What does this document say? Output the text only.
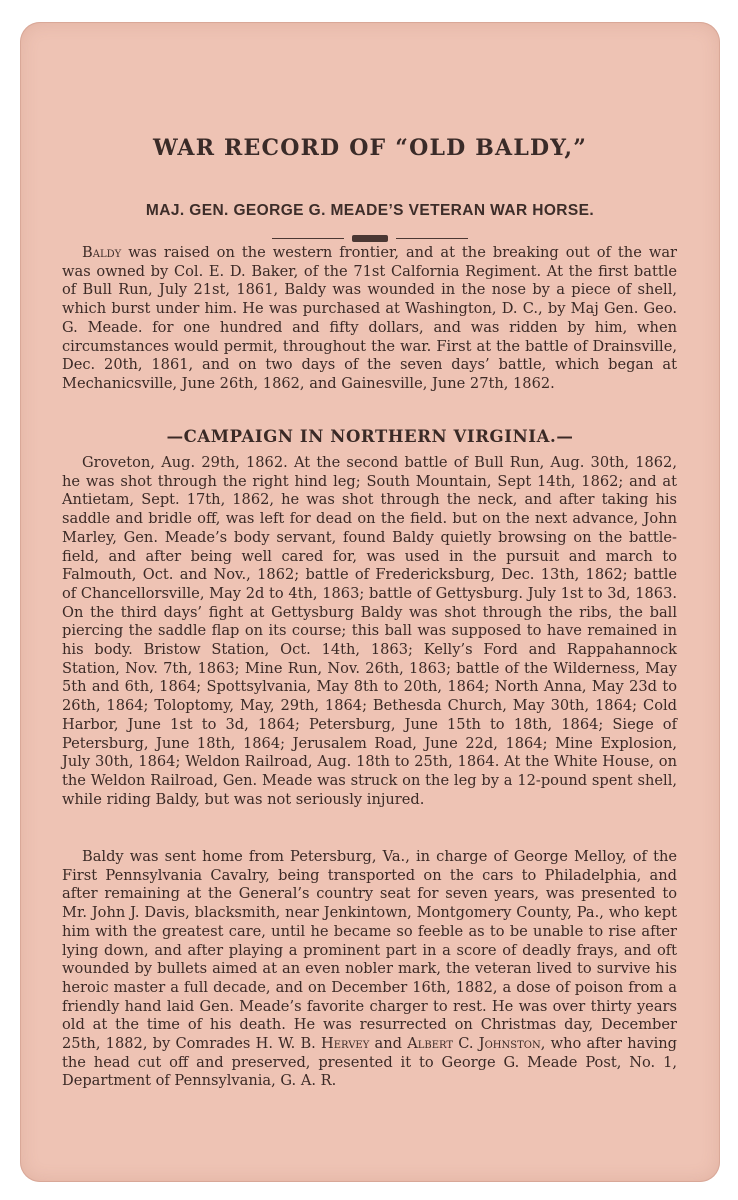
WAR RECORD OF “OLD BALDY,”
MAJ. GEN. GEORGE G. MEADE’S VETERAN WAR HORSE.

Baldy was raised on the western frontier, and at the breaking out of the war was owned by Col. E. D. Baker, of the 71st Calfornia Regiment. At the first battle of Bull Run, July 21st, 1861, Baldy was wounded in the nose by a piece of shell, which burst under him. He was purchased at Washington, D. C., by Maj Gen. Geo. G. Meade. for one hundred and fifty dollars, and was ridden by him, when circumstances would permit, throughout the war. First at the battle of Drainsville, Dec. 20th, 1861, and on two days of the seven days’ battle, which began at Mechanicsville, June 26th, 1862, and Gainesville, June 27th, 1862.

—CAMPAIGN IN NORTHERN VIRGINIA.—

Groveton, Aug. 29th, 1862. At the second battle of Bull Run, Aug. 30th, 1862, he was shot through the right hind leg; South Mountain, Sept 14th, 1862; and at Antietam, Sept. 17th, 1862, he was shot through the neck, and after taking his saddle and bridle off, was left for dead on the field. but on the next advance, John Marley, Gen. Meade’s body servant, found Baldy quietly browsing on the battle-field, and after being well cared for, was used in the pursuit and march to Falmouth, Oct. and Nov., 1862; battle of Fredericksburg, Dec. 13th, 1862; battle of Chancellorsville, May 2d to 4th, 1863; battle of Gettysburg. July 1st to 3d, 1863. On the third days’ fight at Gettysburg Baldy was shot through the ribs, the ball piercing the saddle flap on its course; this ball was supposed to have remained in his body. Bristow Station, Oct. 14th, 1863; Kelly’s Ford and Rappahannock Station, Nov. 7th, 1863; Mine Run, Nov. 26th, 1863; battle of the Wilderness, May 5th and 6th, 1864; Spottsylvania, May 8th to 20th, 1864; North Anna, May 23d to 26th, 1864; Toloptomy, May, 29th, 1864; Bethesda Church, May 30th, 1864; Cold Harbor, June 1st to 3d, 1864; Petersburg, June 15th to 18th, 1864; Siege of Petersburg, June 18th, 1864; Jerusalem Road, June 22d, 1864; Mine Explosion, July 30th, 1864; Weldon Railroad, Aug. 18th to 25th, 1864. At the White House, on the Weldon Railroad, Gen. Meade was struck on the leg by a 12-pound spent shell, while riding Baldy, but was not seriously injured.

Baldy was sent home from Petersburg, Va., in charge of George Melloy, of the First Pennsylvania Cavalry, being transported on the cars to Philadelphia, and after remaining at the General’s country seat for seven years, was presented to Mr. John J. Davis, blacksmith, near Jenkintown, Montgomery County, Pa., who kept him with the greatest care, until he became so feeble as to be unable to rise after lying down, and after playing a prominent part in a score of deadly frays, and oft wounded by bullets aimed at an even nobler mark, the veteran lived to survive his heroic master a full decade, and on December 16th, 1882, a dose of poison from a friendly hand laid Gen. Meade’s favorite charger to rest. He was over thirty years old at the time of his death. He was resurrected on Christmas day, December 25th, 1882, by Comrades H. W. B. Hervey and Albert C. Johnston, who after having the head cut off and preserved, presented it to George G. Meade Post, No. 1, Department of Pennsylvania, G. A. R.
